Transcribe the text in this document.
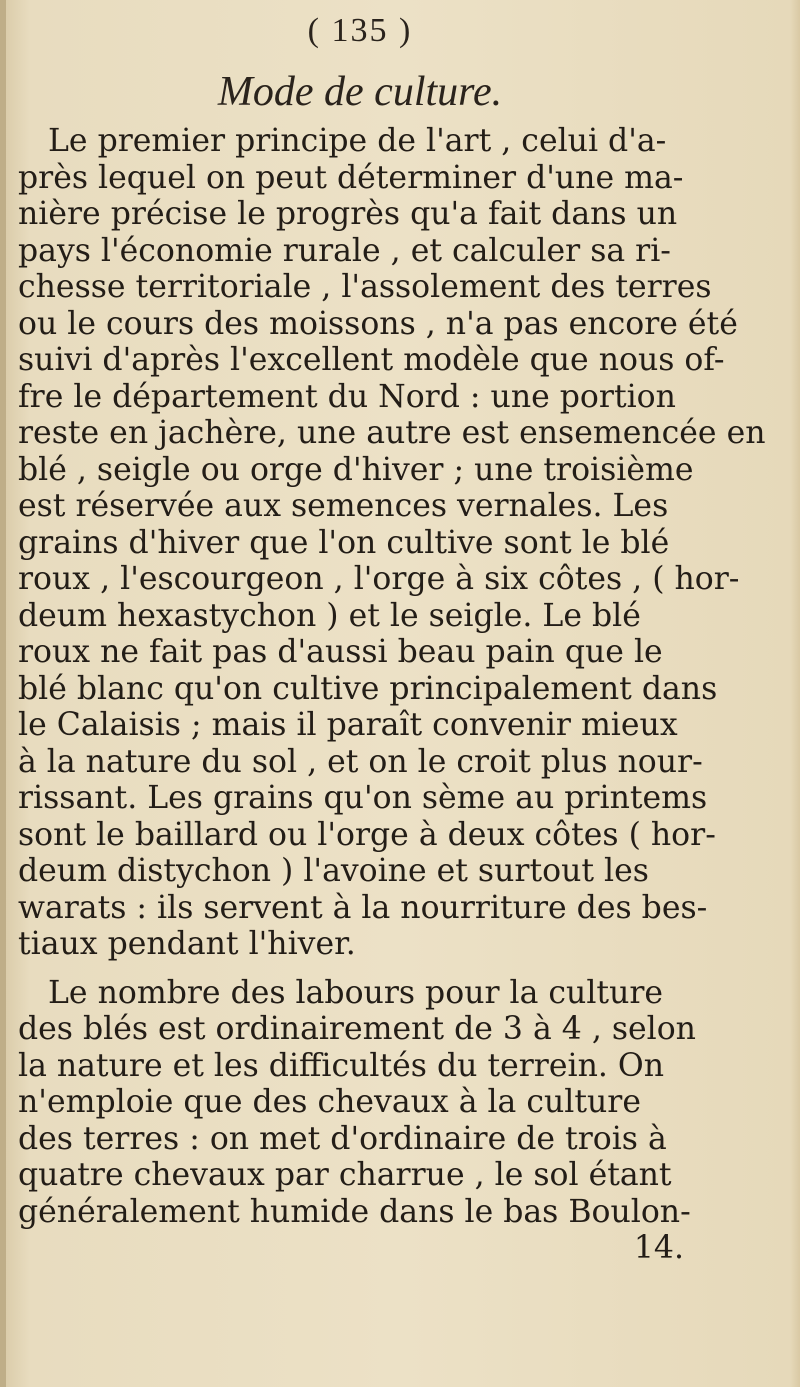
( 135 )
Mode de culture.
Le premier principe de l'art , celui d'a-
près lequel on peut déterminer d'une ma-
nière précise le progrès qu'a fait dans un
pays l'économie rurale , et calculer sa ri-
chesse territoriale , l'assolement des terres
ou le cours des moissons , n'a pas encore été
suivi d'après l'excellent modèle que nous of-
fre le département du Nord : une portion
reste en jachère, une autre est ensemencée en
blé , seigle ou orge d'hiver ; une troisième
est réservée aux semences vernales. Les
grains d'hiver que l'on cultive sont le blé
roux , l'escourgeon , l'orge à six côtes , ( hor-
deum hexastychon ) et le seigle. Le blé
roux ne fait pas d'aussi beau pain que le
blé blanc qu'on cultive principalement dans
le Calaisis ; mais il paraît convenir mieux
à la nature du sol , et on le croit plus nour-
rissant. Les grains qu'on sème au printems
sont le baillard ou l'orge à deux côtes ( hor-
deum distychon ) l'avoine et surtout les
warats : ils servent à la nourriture des bes-
tiaux pendant l'hiver.
Le nombre des labours pour la culture
des blés est ordinairement de 3 à 4 , selon
la nature et les difficultés du terrein. On
n'emploie que des chevaux à la culture
des terres : on met d'ordinaire de trois à
quatre chevaux par charrue , le sol étant
généralement humide dans le bas Boulon-
14.
